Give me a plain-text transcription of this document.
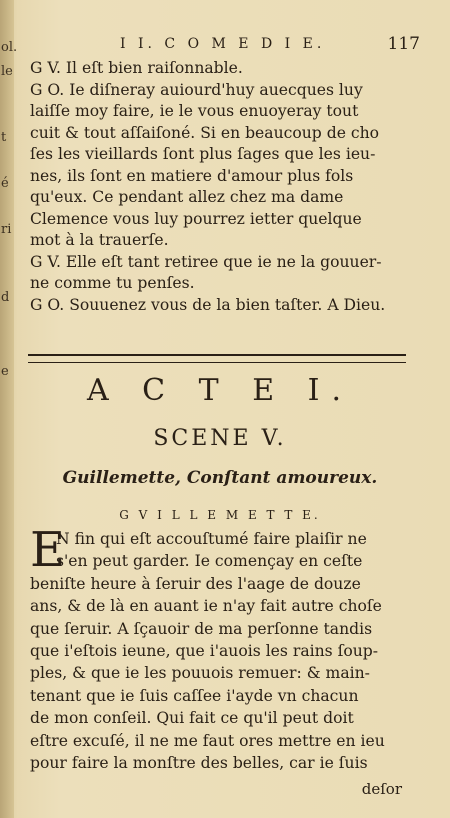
ol.
le
t
é
ri
d
e
I I. C O M E D I E.	117
G V. Il eſt bien raiſonnable.
G O. Ie diſneray auiourd'huy auecques luy
laiſſe moy faire, ie le vous enuoyeray tout
cuit & tout aſſaiſoné. Si en beaucoup de cho
ſes les vieillards ſont plus ſages que les ieu-
nes, ils ſont en matiere d'amour plus fols
qu'eux. Ce pendant allez chez ma dame
Clemence vous luy pourrez ietter quelque
mot à la trauerſe.
G V. Elle eſt tant retiree que ie ne la gouuer-
ne comme tu penſes.
G O. Souuenez vous de la bien taſter. A Dieu.
A C T E I.
SCENE V.
Guillemette, Conſtant amoureux.
G V I L L E M E T T E.
E
N fin qui eſt accouſtumé faire plaiſir ne
s'en peut garder. Ie començay en ceſte
beniſte heure à ſeruir des l'aage de douze
ans, & de là en auant ie n'ay fait autre choſe
que ſeruir. A ſçauoir de ma perſonne tandis
que i'eſtois ieune, que i'auois les rains ſoup-
ples, & que ie les pouuois remuer: & main-
tenant que ie ſuis caſſee i'ayde vn chacun
de mon conſeil. Qui fait ce qu'il peut doit
eſtre excuſé, il ne me faut ores mettre en ieu
pour faire la monſtre des belles, car ie ſuis
deſor
